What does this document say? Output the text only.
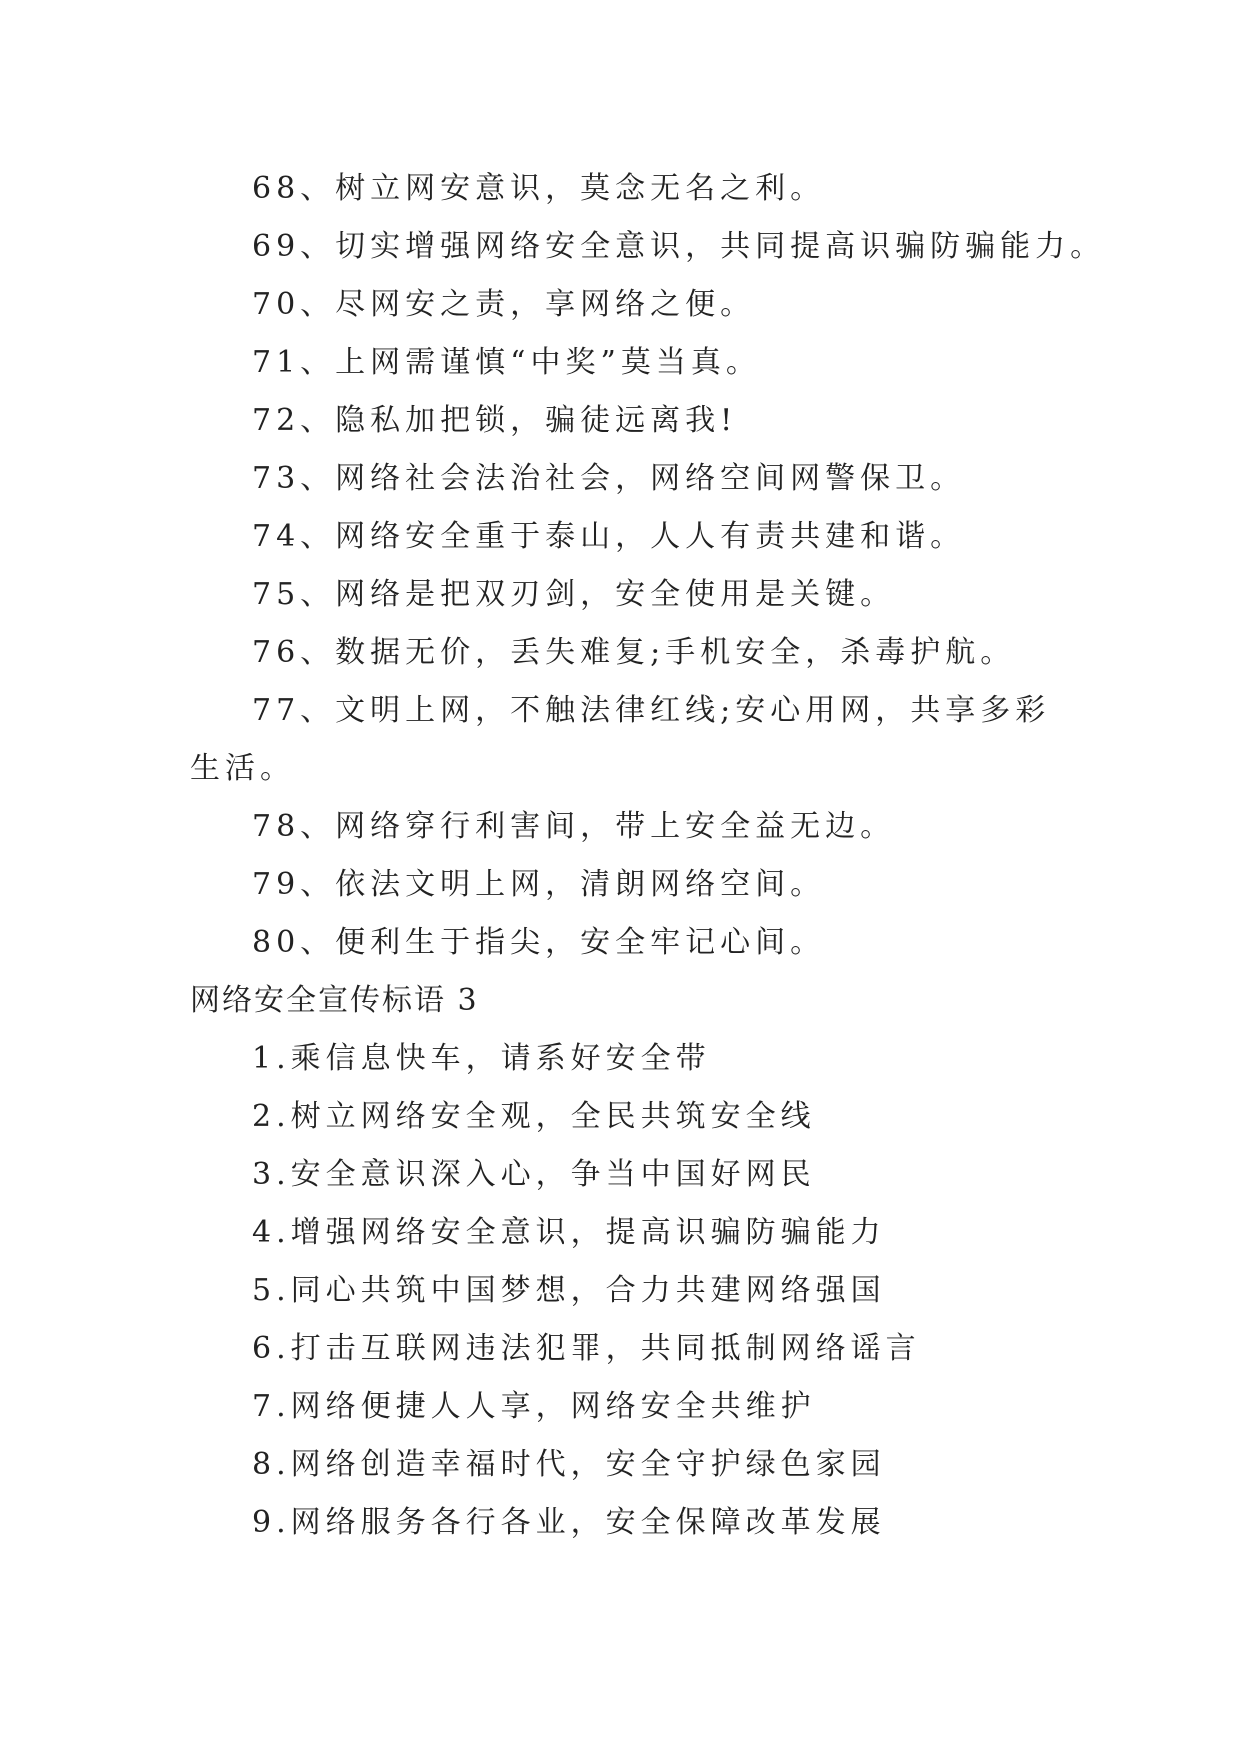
68、树立网安意识，莫念无名之利。

69、切实增强网络安全意识，共同提高识骗防骗能力。

70、尽网安之责，享网络之便。

71、上网需谨慎“中奖”莫当真。

72、隐私加把锁，骗徒远离我!

73、网络社会法治社会，网络空间网警保卫。

74、网络安全重于泰山，人人有责共建和谐。

75、网络是把双刃剑，安全使用是关键。

76、数据无价，丢失难复;手机安全，杀毒护航。

77、文明上网，不触法律红线;安心用网，共享多彩生活。

78、网络穿行利害间，带上安全益无边。

79、依法文明上网，清朗网络空间。

80、便利生于指尖，安全牢记心间。

网络安全宣传标语 3

1.乘信息快车，请系好安全带

2.树立网络安全观，全民共筑安全线

3.安全意识深入心，争当中国好网民

4.增强网络安全意识，提高识骗防骗能力

5.同心共筑中国梦想，合力共建网络强国

6.打击互联网违法犯罪，共同抵制网络谣言

7.网络便捷人人享，网络安全共维护

8.网络创造幸福时代，安全守护绿色家园

9.网络服务各行各业，安全保障改革发展
